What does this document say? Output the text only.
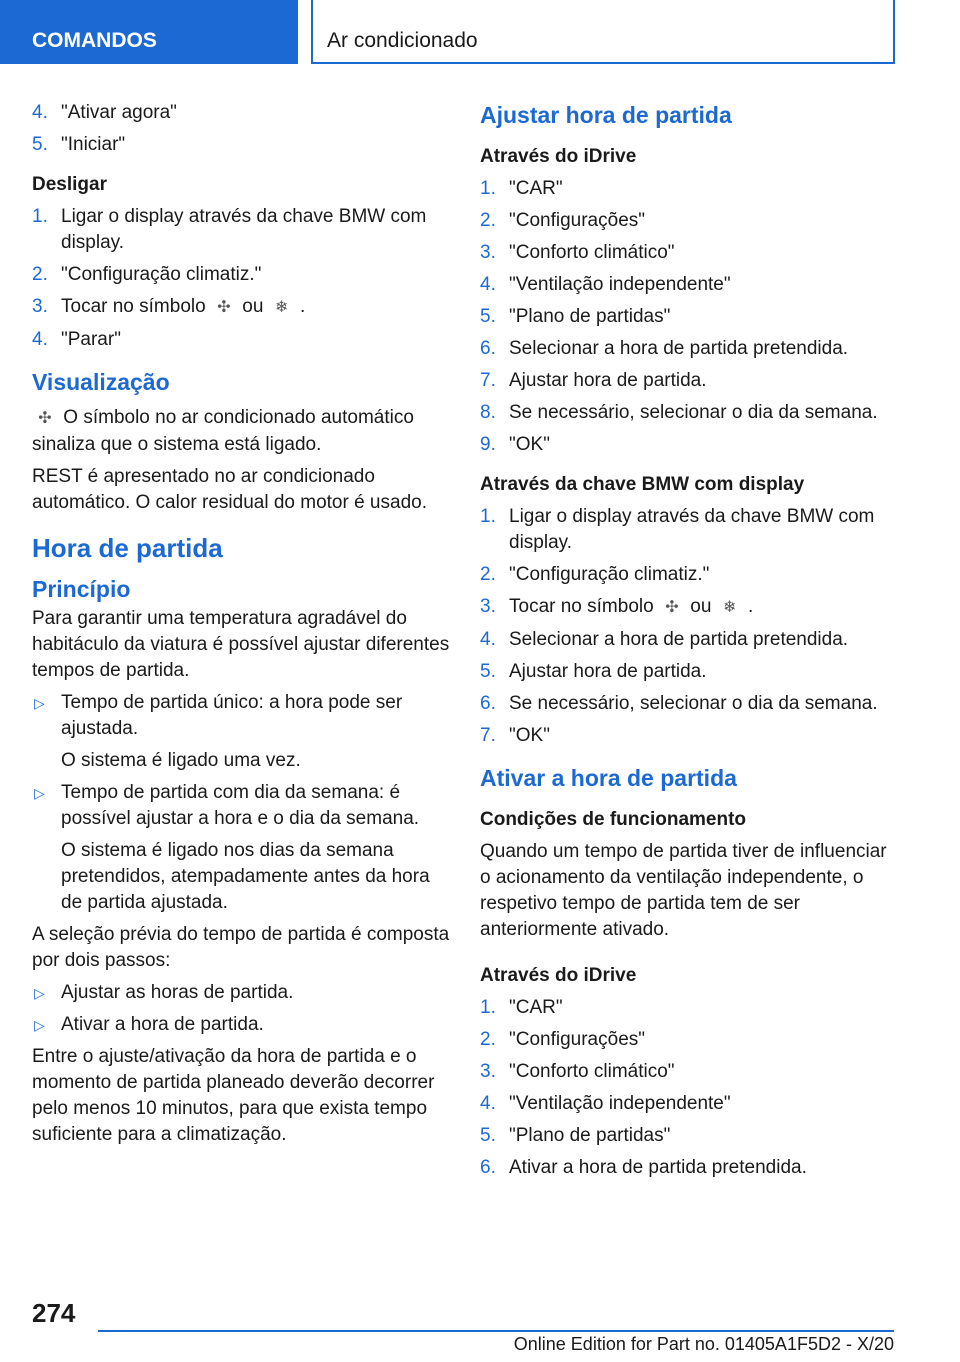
COMANDOS	Ar condicionado
4. "Ativar agora"
5. "Iniciar"
Desligar
1. Ligar o display através da chave BMW com display.
2. "Configuração climatiz."
3. Tocar no símbolo ✣ ou ❄ .
4. "Parar"
Visualização

✣ O símbolo no ar condicionado automático sinaliza que o sistema está ligado.

REST é apresentado no ar condicionado automático. O calor residual do motor é usado.

Hora de partida
Princípio

Para garantir uma temperatura agradável do habitáculo da viatura é possível ajustar diferentes tempos de partida.

▷ Tempo de partida único: a hora pode ser ajustada.

O sistema é ligado uma vez.

▷ Tempo de partida com dia da semana: é possível ajustar a hora e o dia da semana.

O sistema é ligado nos dias da semana pretendidos, atempadamente antes da hora de partida ajustada.

A seleção prévia do tempo de partida é composta por dois passos:

▷ Ajustar as horas de partida.
▷ Ativar a hora de partida.

Entre o ajuste/ativação da hora de partida e o momento de partida planeado deverão decorrer pelo menos 10 minutos, para que exista tempo suficiente para a climatização.

Ajustar hora de partida
Através do iDrive
1. "CAR"
2. "Configurações"
3. "Conforto climático"
4. "Ventilação independente"
5. "Plano de partidas"
6. Selecionar a hora de partida pretendida.
7. Ajustar hora de partida.
8. Se necessário, selecionar o dia da semana.
9. "OK"
Através da chave BMW com display
1. Ligar o display através da chave BMW com display.
2. "Configuração climatiz."
3. Tocar no símbolo ✣ ou ❄ .
4. Selecionar a hora de partida pretendida.
5. Ajustar hora de partida.
6. Se necessário, selecionar o dia da semana.
7. "OK"
Ativar a hora de partida
Condições de funcionamento

Quando um tempo de partida tiver de influenciar o acionamento da ventilação independente, o respetivo tempo de partida tem de ser anteriormente ativado.

Através do iDrive
1. "CAR"
2. "Configurações"
3. "Conforto climático"
4. "Ventilação independente"
5. "Plano de partidas"
6. Ativar a hora de partida pretendida.
274
Online Edition for Part no. 01405A1F5D2 - X/20
